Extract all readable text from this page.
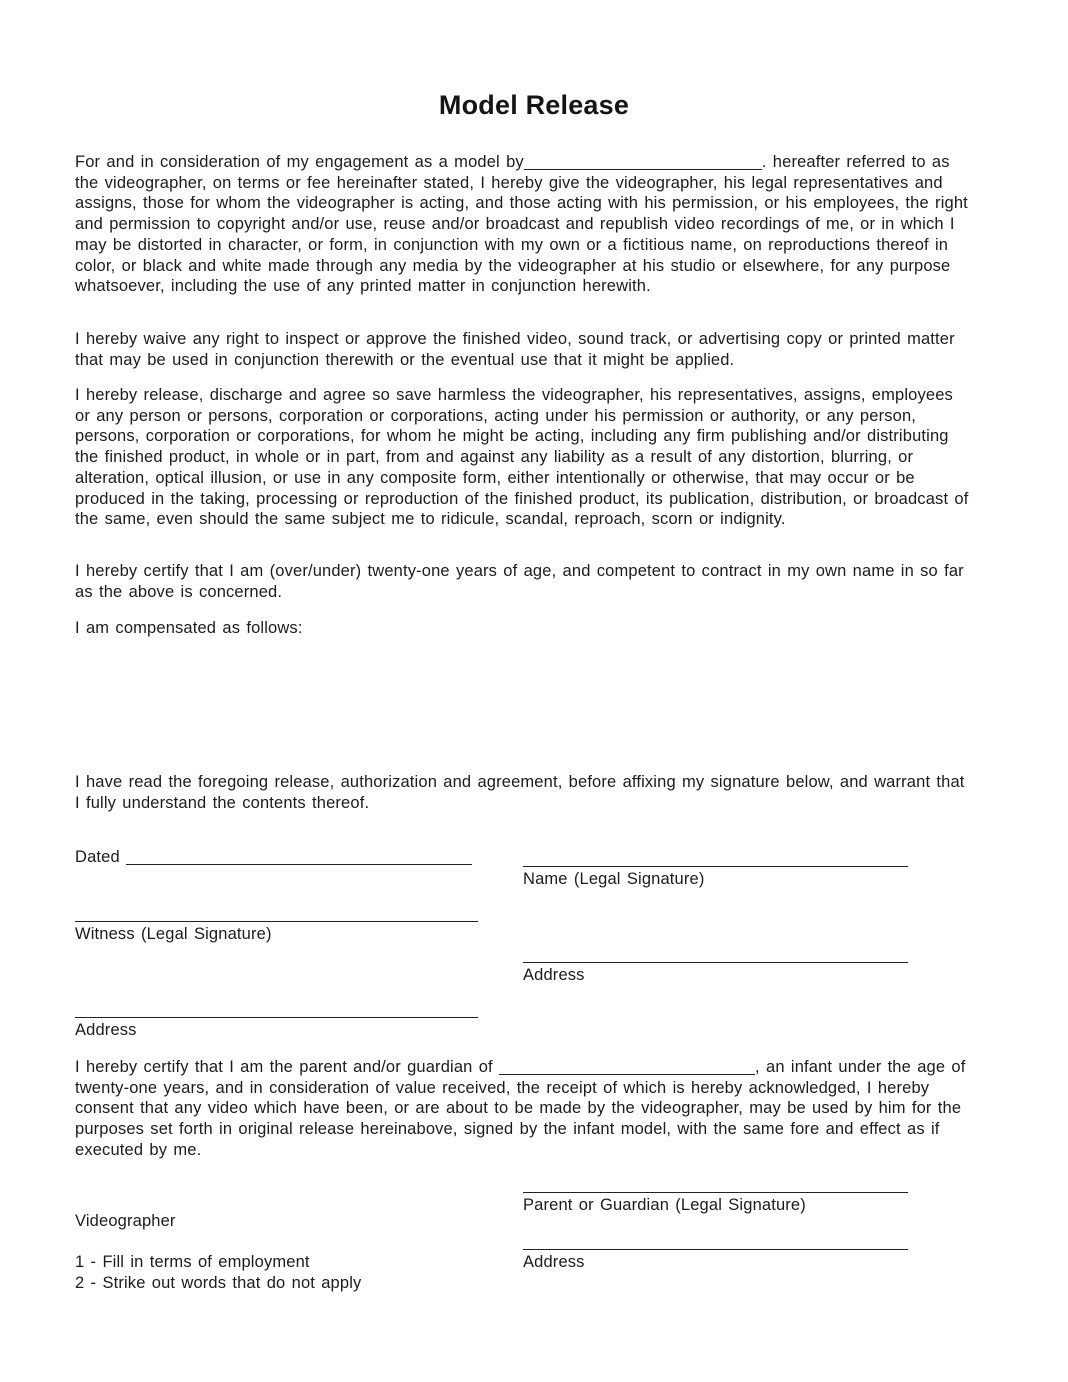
Model Release
For and in consideration of my engagement as a model by	. hereafter referred to as the videographer, on terms or fee hereinafter stated, I hereby give the videographer, his legal representatives and assigns, those for whom the videographer is acting, and those acting with his permission, or his employees, the right and permission to copyright and/or use, reuse and/or broadcast and republish video recordings of me, or in which I may be distorted in character, or form, in conjunction with my own or a fictitious name, on reproductions thereof in color, or black and white made through any media by the videographer at his studio or elsewhere, for any purpose whatsoever, including the use of any printed matter in conjunction herewith.
I hereby waive any right to inspect or approve the finished video, sound track, or advertising copy or printed matter that may be used in conjunction therewith or the eventual use that it might be applied.
I hereby release, discharge and agree so save harmless the videographer, his representatives, assigns, employees or any person or persons, corporation or corporations, acting under his permission or authority, or any person, persons, corporation or corporations, for whom he might be acting, including any firm publishing and/or distributing the finished product, in whole or in part, from and against any liability as a result of any distortion, blurring, or alteration, optical illusion, or use in any composite form, either intentionally or otherwise, that may occur or be produced in the taking, processing or reproduction of the finished product, its publication, distribution, or broadcast of the same, even should the same subject me to ridicule, scandal, reproach, scorn or indignity.
I hereby certify that I am (over/under) twenty-one years of age, and competent to contract in my own name in so far as the above is concerned.
I am compensated as follows:
I have read the foregoing release, authorization and agreement, before affixing my signature below, and warrant that I fully understand the contents thereof.
Dated
Name (Legal Signature)
Witness (Legal Signature)
Address
Address
I hereby certify that I am the parent and/or guardian of	, an infant under the age of twenty-one years, and in consideration of value received, the receipt of which is hereby acknowledged, I hereby consent that any video which have been, or are about to be made by the videographer, may be used by him for the purposes set forth in original release hereinabove, signed by the infant model, with the same fore and effect as if executed by me.
Parent or Guardian (Legal Signature)
Videographer
Address
1 - Fill in terms of employment
2 - Strike out words that do not apply
